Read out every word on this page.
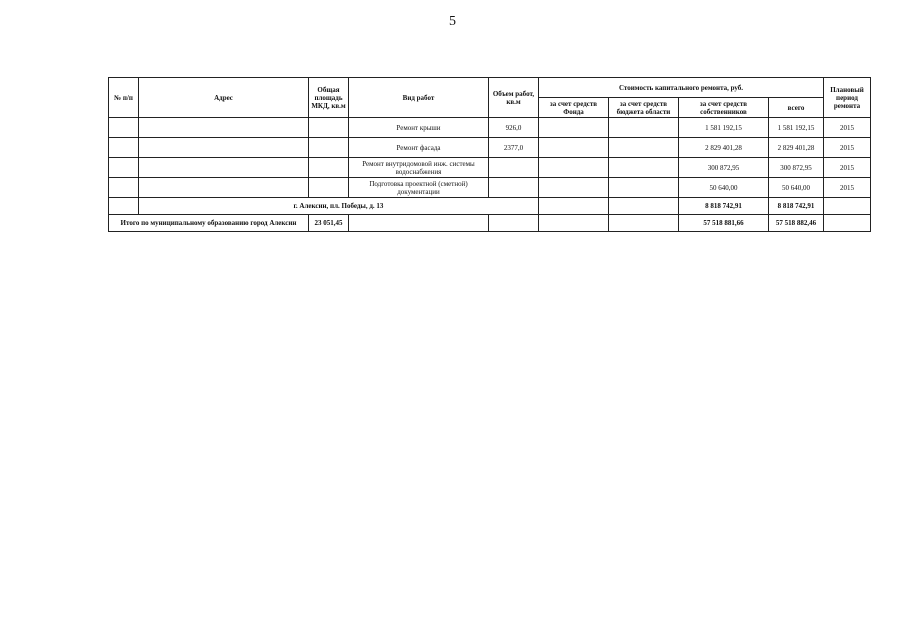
5
№ п/п	Адрес	Общая площадь МКД, кв.м	Вид работ	Объем работ, кв.м	Стоимость капитального ремонта, руб.				Плановый период ремонта
					за счет средств Фонда	за счет средств бюджета области	за счет средств собственников	всего	
			Ремонт крыши	926,0			1 581 192,15	1 581 192,15	2015
			Ремонт фасада	2377,0			2 829 401,28	2 829 401,28	2015
			Ремонт внутридомовой инж. системы водоснабжения				300 872,95	300 872,95	2015
			Подготовка проектной (сметной) документации				50 640,00	50 640,00	2015
	г. Алексин, пл. Победы, д. 13						8 818 742,91	8 818 742,91	
Итого по муниципальному образованию город Алексин		23 051,45					57 518 881,66	57 518 882,46	
